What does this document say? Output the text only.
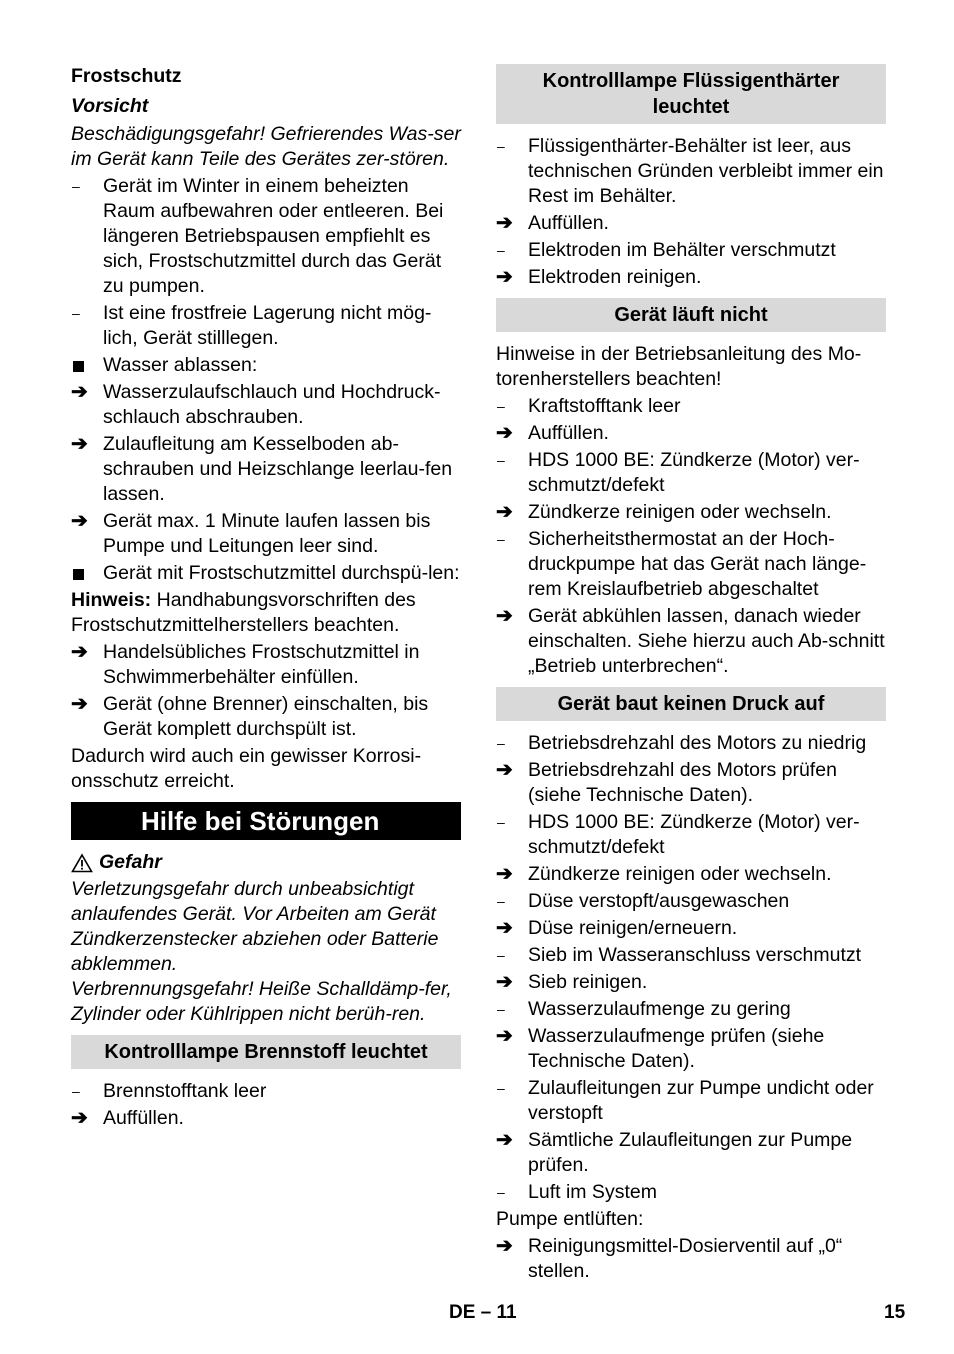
Frostschutz

Vorsicht

Beschädigungsgefahr! Gefrierendes Was-ser im Gerät kann Teile des Gerätes zer-stören.

–	Gerät im Winter in einem beheizten Raum aufbewahren oder entleeren. Bei längeren Betriebspausen empfiehlt es sich, Frostschutzmittel durch das Gerät zu pumpen.
–	Ist eine frostfreie Lagerung nicht mög-lich, Gerät stilllegen.
Wasser ablassen:
➔ Wasserzulaufschlauch und Hochdruck-schlauch abschrauben.
➔ Zulaufleitung am Kesselboden ab-schrauben und Heizschlange leerlau-fen lassen.
➔ Gerät max. 1 Minute laufen lassen bis Pumpe und Leitungen leer sind.
Gerät mit Frostschutzmittel durchspü-len:

Hinweis: Handhabungsvorschriften des Frostschutzmittelherstellers beachten.

➔ Handelsübliches Frostschutzmittel in Schwimmerbehälter einfüllen.
➔ Gerät (ohne Brenner) einschalten, bis Gerät komplett durchspült ist.

Dadurch wird auch ein gewisser Korrosi-onsschutz erreicht.

Hilfe bei Störungen
Gefahr

Verletzungsgefahr durch unbeabsichtigt anlaufendes Gerät. Vor Arbeiten am Gerät Zündkerzenstecker abziehen oder Batterie abklemmen.

Verbrennungsgefahr! Heiße Schalldämp-fer, Zylinder oder Kühlrippen nicht berüh-ren.

Kontrolllampe Brennstoff leuchtet
–	Brennstofftank leer
➔ Auffüllen.
Kontrolllampe Flüssigenthärter leuchtet
–	Flüssigenthärter-Behälter ist leer, aus technischen Gründen verbleibt immer ein Rest im Behälter.
➔ Auffüllen.
–	Elektroden im Behälter verschmutzt
➔ Elektroden reinigen.
Gerät läuft nicht

Hinweise in der Betriebsanleitung des Mo-torenherstellers beachten!

–	Kraftstofftank leer
➔ Auffüllen.
–	HDS 1000 BE: Zündkerze (Motor) ver-schmutzt/defekt
➔ Zündkerze reinigen oder wechseln.
–	Sicherheitsthermostat an der Hoch-druckpumpe hat das Gerät nach länge-rem Kreislaufbetrieb abgeschaltet
➔ Gerät abkühlen lassen, danach wieder einschalten. Siehe hierzu auch Ab-schnitt „Betrieb unterbrechen“.
Gerät baut keinen Druck auf
–	Betriebsdrehzahl des Motors zu niedrig
➔ Betriebsdrehzahl des Motors prüfen (siehe Technische Daten).
–	HDS 1000 BE: Zündkerze (Motor) ver-schmutzt/defekt
➔ Zündkerze reinigen oder wechseln.
–	Düse verstopft/ausgewaschen
➔ Düse reinigen/erneuern.
–	Sieb im Wasseranschluss verschmutzt
➔ Sieb reinigen.
–	Wasserzulaufmenge zu gering
➔ Wasserzulaufmenge prüfen (siehe Technische Daten).
–	Zulaufleitungen zur Pumpe undicht oder verstopft
➔ Sämtliche Zulaufleitungen zur Pumpe prüfen.
–	Luft im System

Pumpe entlüften:

➔ Reinigungsmittel-Dosierventil auf „0“ stellen.
DE – 11	15
